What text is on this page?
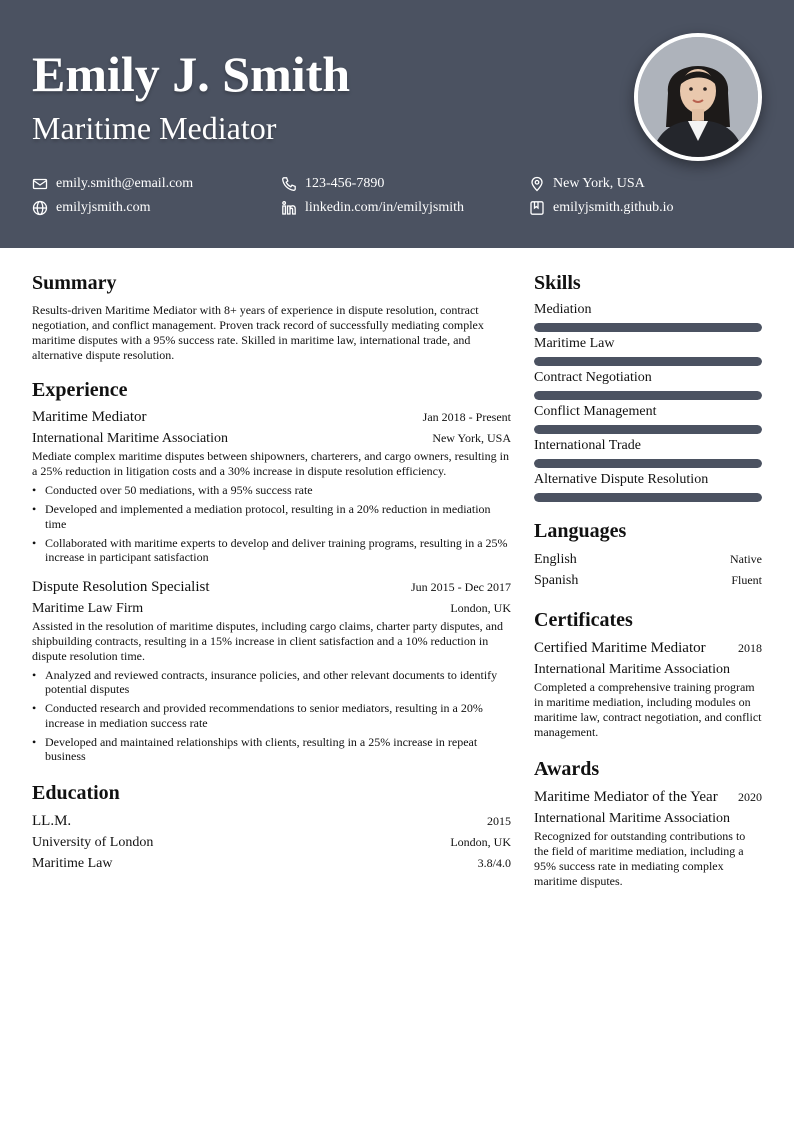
Emily J. Smith
Maritime Mediator
emily.smith@email.com	123-456-7890	New York, USA
emilyjsmith.com	linkedin.com/in/emilyjsmith	emilyjsmith.github.io
Summary
Results-driven Maritime Mediator with 8+ years of experience in dispute resolution, contract negotiation, and conflict management. Proven track record of successfully mediating complex maritime disputes with a 95% success rate. Skilled in maritime law, international trade, and alternative dispute resolution.
Experience
Maritime Mediator	Jan 2018 - Present
International Maritime Association	New York, USA
Mediate complex maritime disputes between shipowners, charterers, and cargo owners, resulting in a 25% reduction in litigation costs and a 30% increase in dispute resolution efficiency.
• Conducted over 50 mediations, with a 95% success rate
• Developed and implemented a mediation protocol, resulting in a 20% reduction in mediation time
• Collaborated with maritime experts to develop and deliver training programs, resulting in a 25% increase in participant satisfaction
Dispute Resolution Specialist	Jun 2015 - Dec 2017
Maritime Law Firm	London, UK
Assisted in the resolution of maritime disputes, including cargo claims, charter party disputes, and shipbuilding contracts, resulting in a 15% increase in client satisfaction and a 10% reduction in dispute resolution time.
• Analyzed and reviewed contracts, insurance policies, and other relevant documents to identify potential disputes
• Conducted research and provided recommendations to senior mediators, resulting in a 20% increase in mediation success rate
• Developed and maintained relationships with clients, resulting in a 25% increase in repeat business
Education
LL.M.	2015
University of London	London, UK
Maritime Law	3.8/4.0
Skills
Mediation
Maritime Law
Contract Negotiation
Conflict Management
International Trade
Alternative Dispute Resolution
Languages
English	Native
Spanish	Fluent
Certificates
Certified Maritime Mediator	2018
International Maritime Association
Completed a comprehensive training program in maritime mediation, including modules on maritime law, contract negotiation, and conflict management.
Awards
Maritime Mediator of the Year 2020
International Maritime Association
Recognized for outstanding contributions to the field of maritime mediation, including a 95% success rate in mediating complex maritime disputes.
